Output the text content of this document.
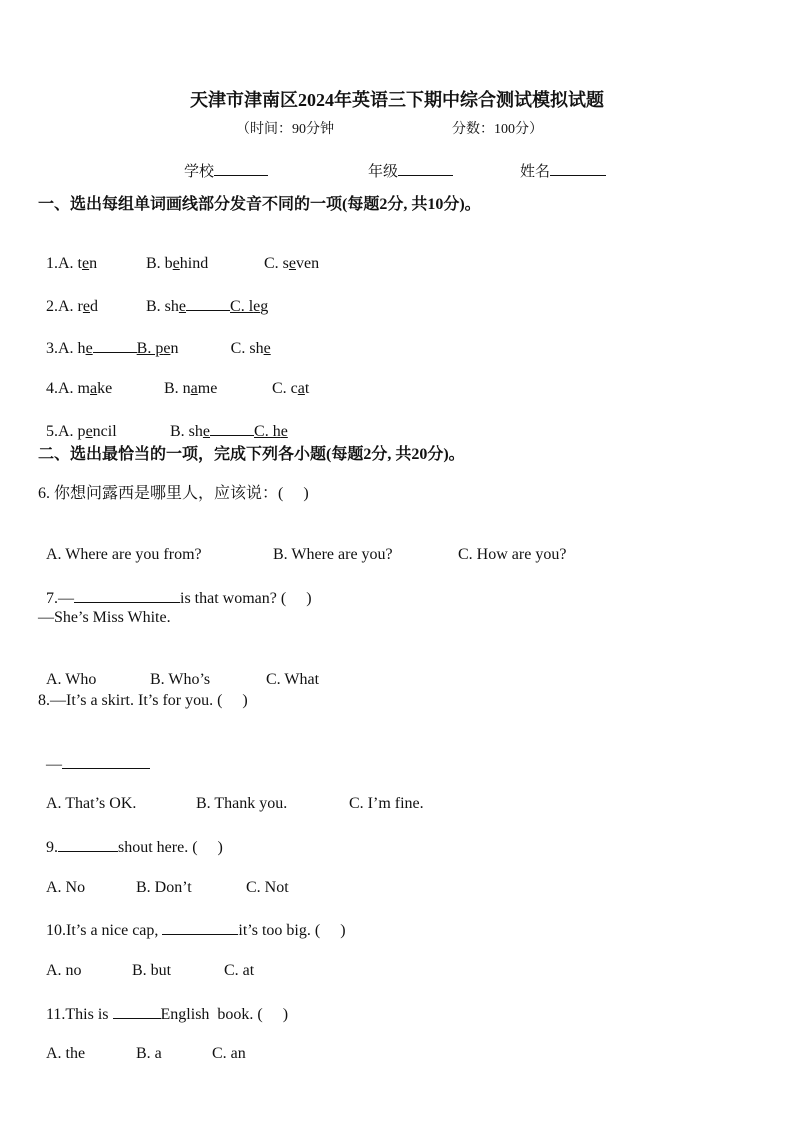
天津市津南区2024年英语三下期中综合测试模拟试题
（时间：90分钟	分数：100分）
学校	年级	姓名
一、选出每组单词画线部分发音不同的一项(每题2分, 共10分)。

1.A. ten	B. behind	C. seven

2.A. red	B. she	C. leg

3.A. he	B. pen	C. she

4.A. make	B. name	C. cat

5.A. pencil	B. she	C. he

二、选出最恰当的一项，完成下列各小题(每题2分, 共20分)。
6. 你想问露西是哪里人，应该说：(　 )

A. Where are you from?	B. Where are you?	C. How are you?

7.—	is that woman? (　 )

—She’s Miss White.

A. Who	B. Who’s	C. What

8.—It’s a skirt. It’s for you. (　 )

—

A. That’s OK.	B. Thank you.	C. I’m fine.

9.	shout here. (　 )

A. No	B. Don’t	C. Not

10.It’s a nice cap,	it’s too big. (　 )

A. no	B. but	C. at

11.This is	English  book. (　 )

A. the	B. a	C. an
